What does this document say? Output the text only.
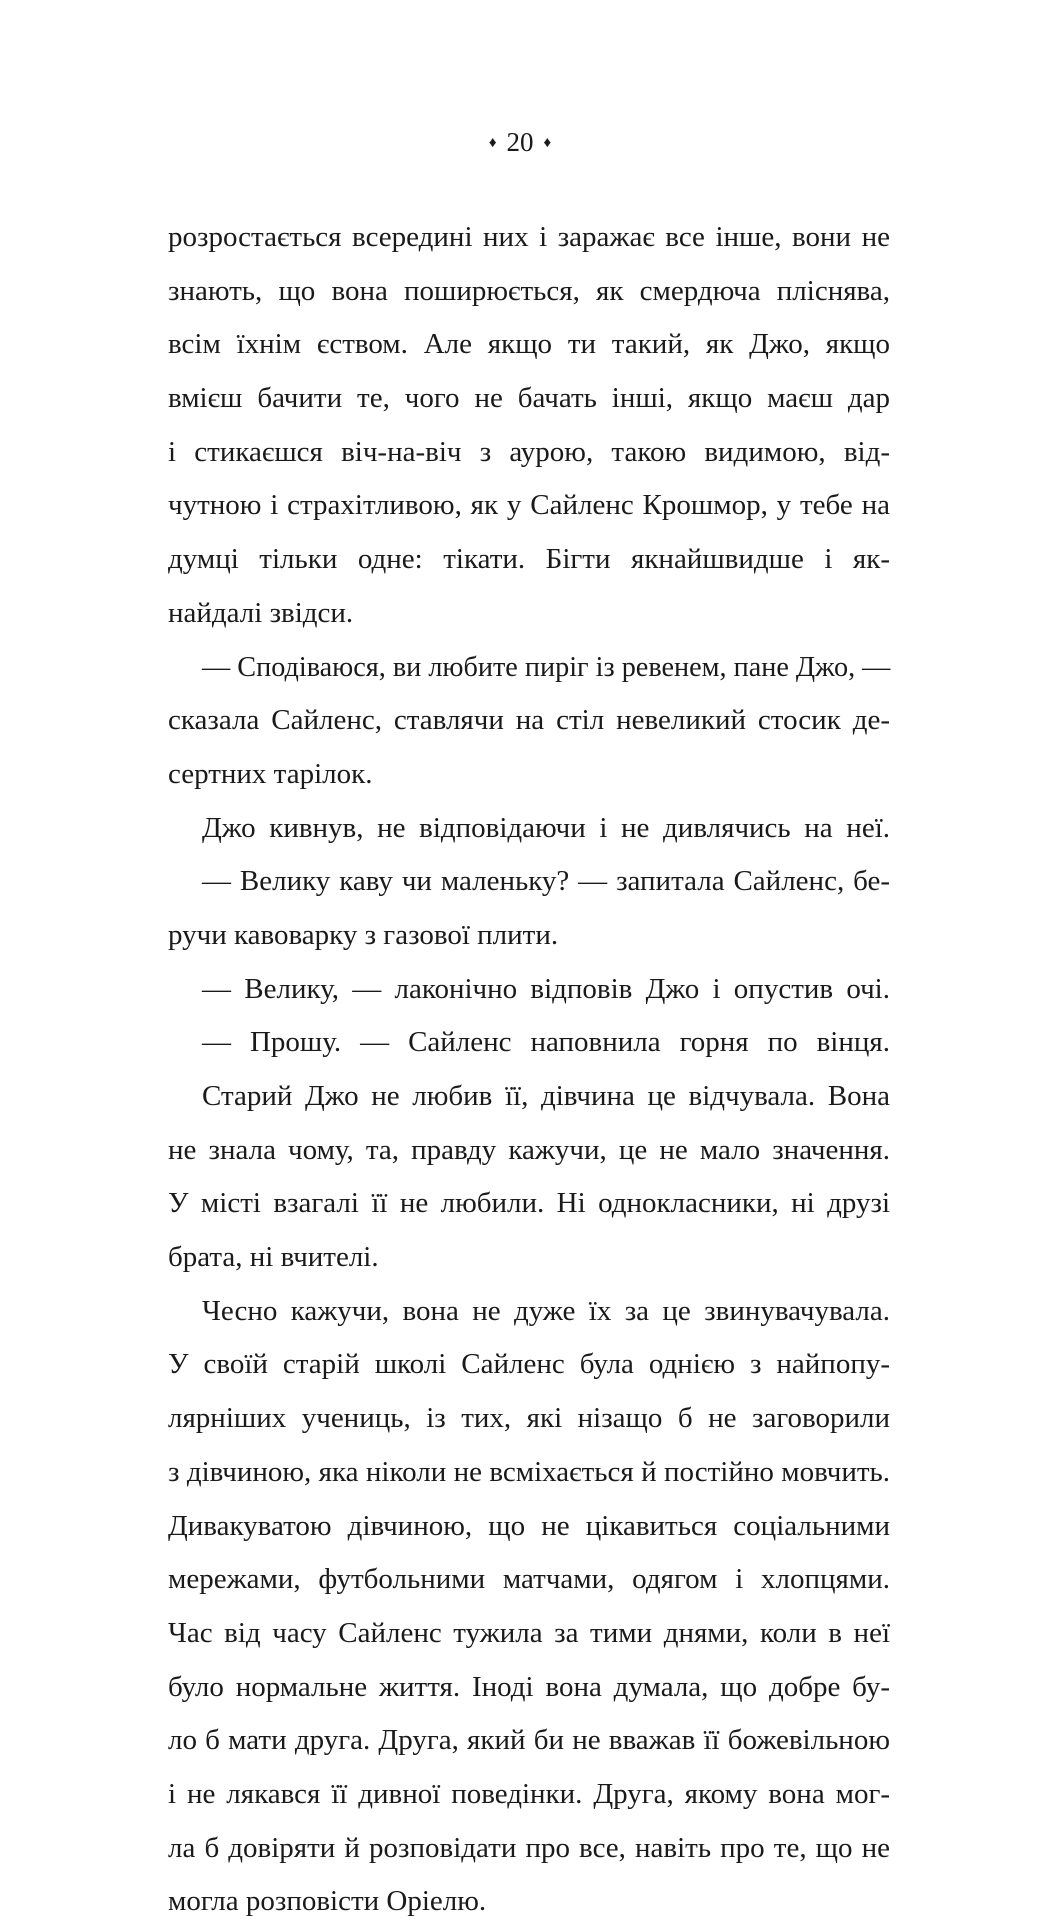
♦ 20 ♦
розростається всередині них і заражає все інше, вони не
знають, що вона поширюється, як смердюча пліснява,
всім їхнім єством. Але якщо ти такий, як Джо, якщо
вмієш бачити те, чого не бачать інші, якщо маєш дар
і стикаєшся віч-на-віч з аурою, такою видимою, від-
чутною і страхітливою, як у Сайленс Крошмор, у тебе на
думці тільки одне: тікати. Бігти якнайшвидше і як-
найдалі звідси.
— Сподіваюся, ви любите пиріг із ревенем, пане Джо, —
сказала Сайленс, ставлячи на стіл невеликий стосик де-
сертних тарілок.
Джо кивнув, не відповідаючи і не дивлячись на неї.
— Велику каву чи маленьку? — запитала Сайленс, бе-
ручи кавоварку з газової плити.
— Велику, — лаконічно відповів Джо і опустив очі.
— Прошу. — Сайленс наповнила горня по вінця.
Старий Джо не любив її, дівчина це відчувала. Вона
не знала чому, та, правду кажучи, це не мало значення.
У місті взагалі її не любили. Ні однокласники, ні друзі
брата, ні вчителі.
Чесно кажучи, вона не дуже їх за це звинувачувала.
У своїй старій школі Сайленс була однією з найпопу-
лярніших учениць, із тих, які нізащо б не заговорили
з дівчиною, яка ніколи не всміхається й постійно мовчить.
Дивакуватою дівчиною, що не цікавиться соціальними
мережами, футбольними матчами, одягом і хлопцями.
Час від часу Сайленс тужила за тими днями, коли в неї
було нормальне життя. Іноді вона думала, що добре бу-
ло б мати друга. Друга, який би не вважав її божевільною
і не лякався її дивної поведінки. Друга, якому вона мог-
ла б довіряти й розповідати про все, навіть про те, що не
могла розповісти Оріелю.
